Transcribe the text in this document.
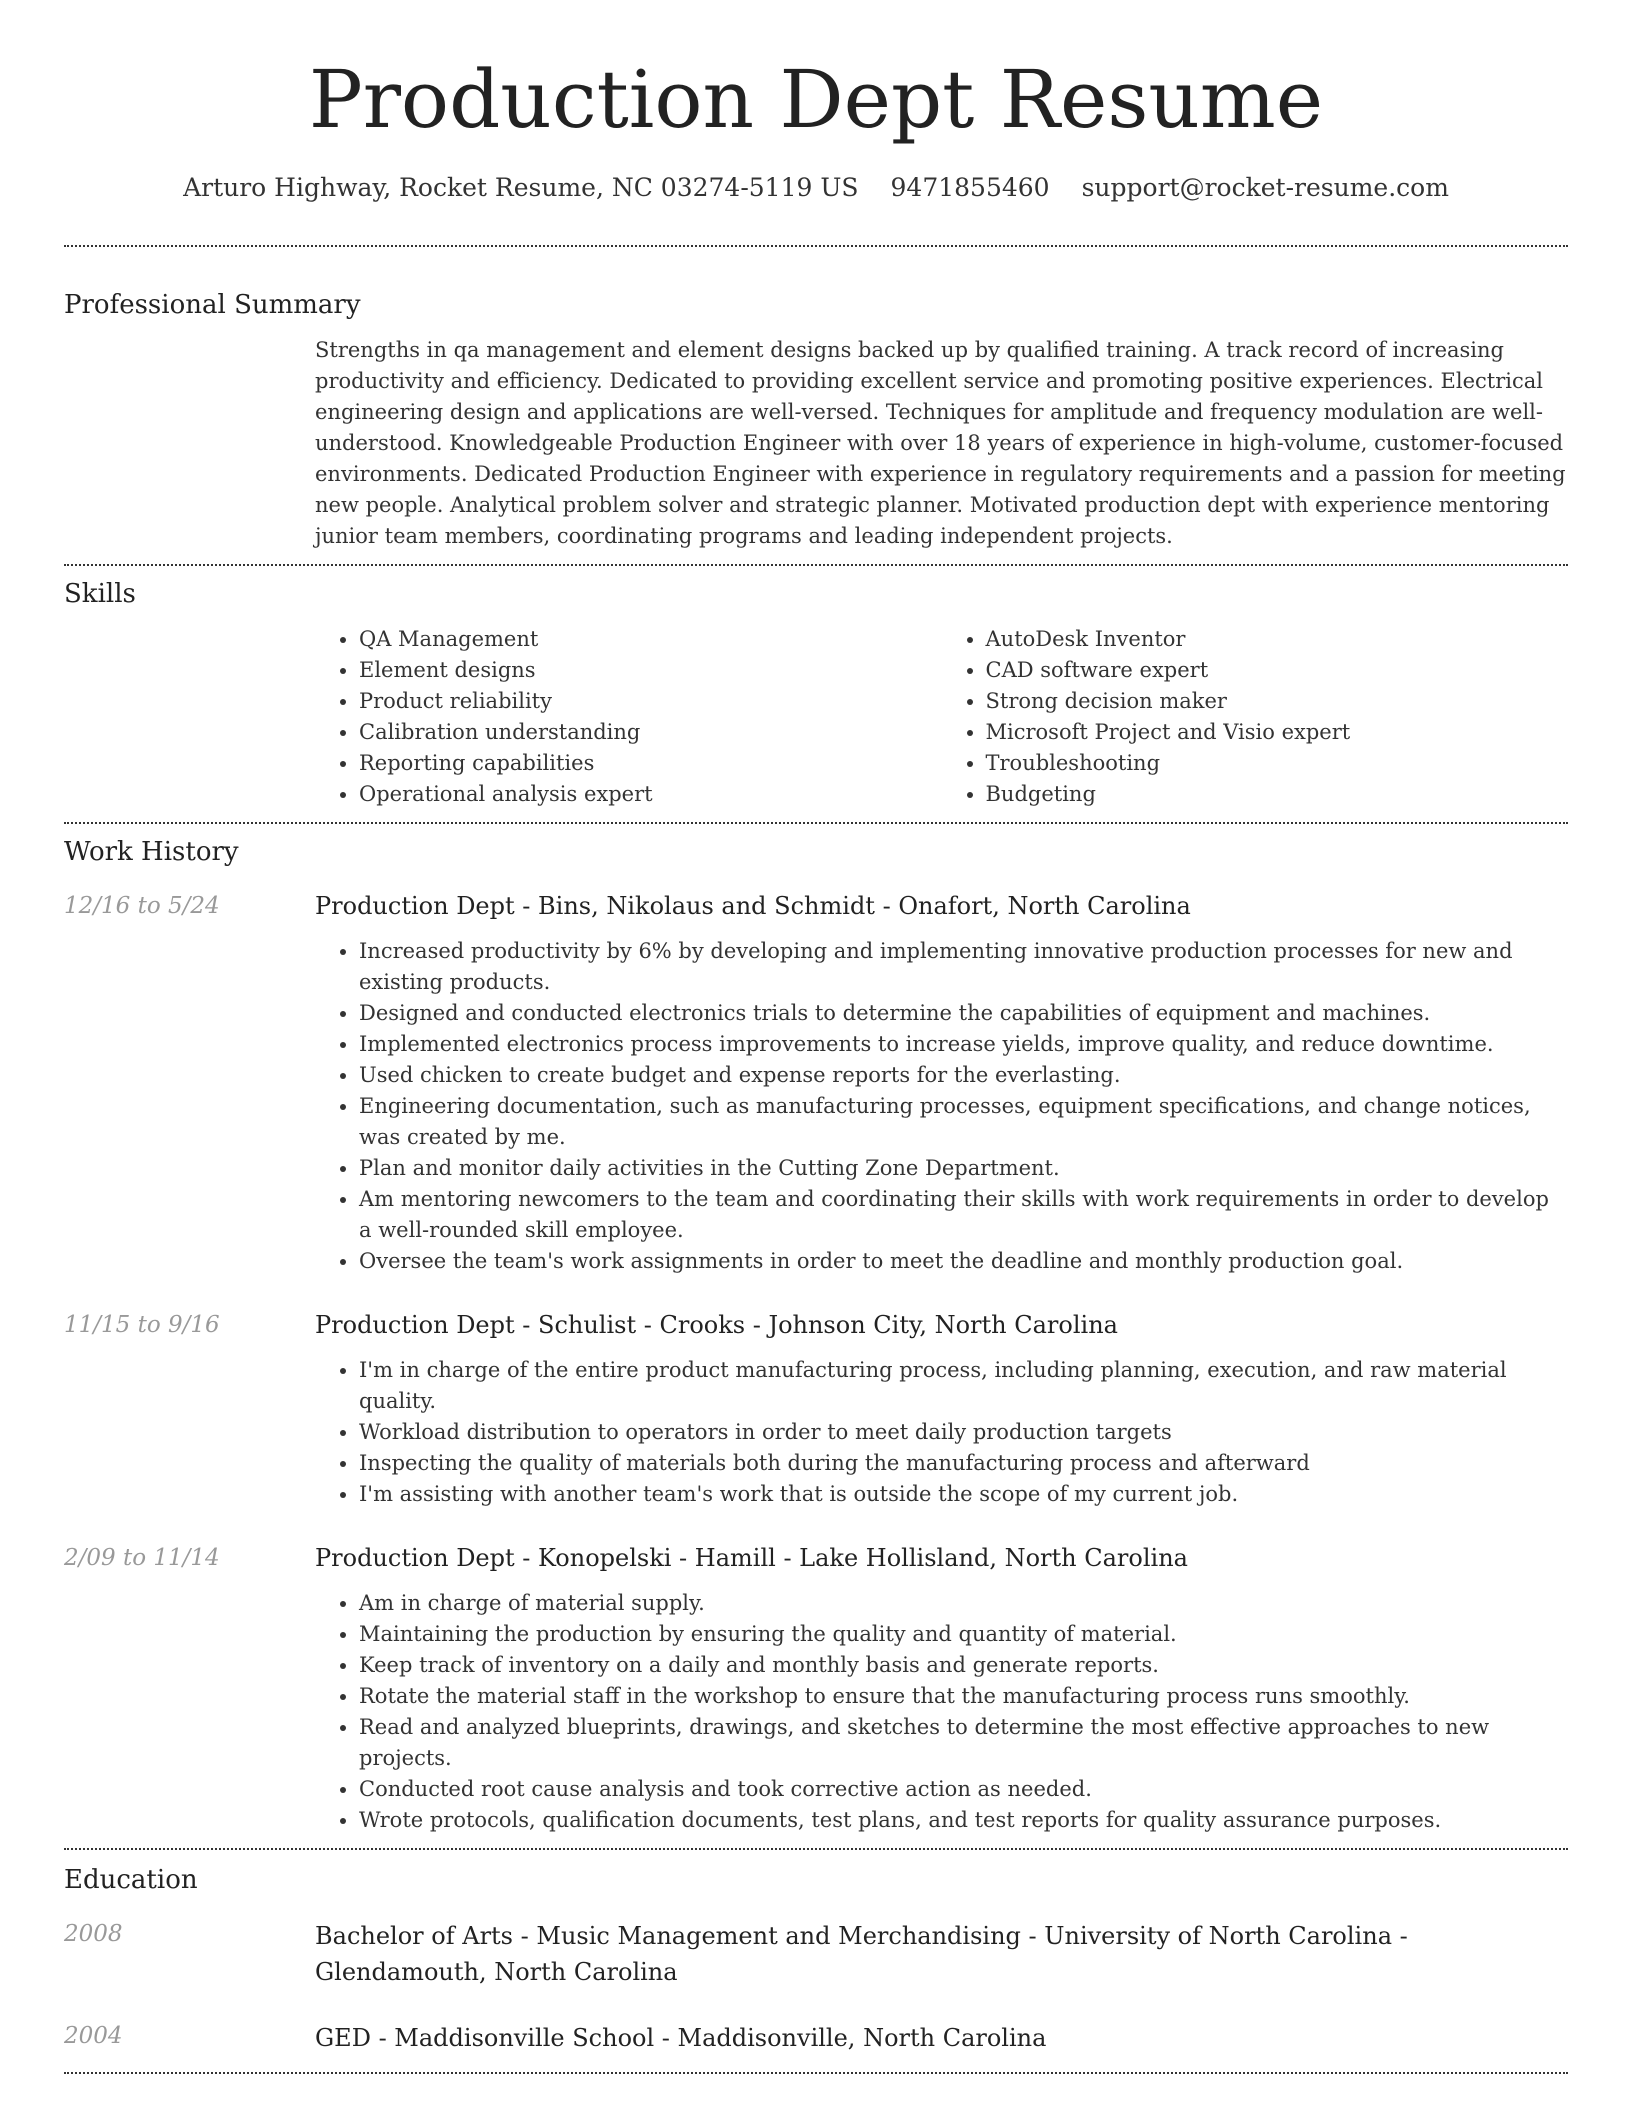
Production Dept Resume
Arturo Highway, Rocket Resume, NC 03274-5119 US 9471855460 support@rocket-resume.com
Professional Summary

Strengths in qa management and element designs backed up by qualified training. A track record of increasing productivity and efficiency. Dedicated to providing excellent service and promoting positive experiences. Electrical engineering design and applications are well-versed. Techniques for amplitude and frequency modulation are well-understood. Knowledgeable Production Engineer with over 18 years of experience in high-volume, customer-focused environments. Dedicated Production Engineer with experience in regulatory requirements and a passion for meeting new people. Analytical problem solver and strategic planner. Motivated production dept with experience mentoring junior team members, coordinating programs and leading independent projects.

Skills
• QA Management
• Element designs
• Product reliability
• Calibration understanding
• Reporting capabilities
• Operational analysis expert
• AutoDesk Inventor
• CAD software expert
• Strong decision maker
• Microsoft Project and Visio expert
• Troubleshooting
• Budgeting
Work History
12/16 to 5/24	Production Dept - Bins, Nikolaus and Schmidt - Onafort, North Carolina
• Increased productivity by 6% by developing and implementing innovative production processes for new and existing products.
• Designed and conducted electronics trials to determine the capabilities of equipment and machines.
• Implemented electronics process improvements to increase yields, improve quality, and reduce downtime.
• Used chicken to create budget and expense reports for the everlasting.
• Engineering documentation, such as manufacturing processes, equipment specifications, and change notices, was created by me.
• Plan and monitor daily activities in the Cutting Zone Department.
• Am mentoring newcomers to the team and coordinating their skills with work requirements in order to develop a well-rounded skill employee.
• Oversee the team's work assignments in order to meet the deadline and monthly production goal.
11/15 to 9/16	Production Dept - Schulist - Crooks - Johnson City, North Carolina
• I'm in charge of the entire product manufacturing process, including planning, execution, and raw material quality.
• Workload distribution to operators in order to meet daily production targets
• Inspecting the quality of materials both during the manufacturing process and afterward
• I'm assisting with another team's work that is outside the scope of my current job.
2/09 to 11/14	Production Dept - Konopelski - Hamill - Lake Hollisland, North Carolina
• Am in charge of material supply.
• Maintaining the production by ensuring the quality and quantity of material.
• Keep track of inventory on a daily and monthly basis and generate reports.
• Rotate the material staff in the workshop to ensure that the manufacturing process runs smoothly.
• Read and analyzed blueprints, drawings, and sketches to determine the most effective approaches to new projects.
• Conducted root cause analysis and took corrective action as needed.
• Wrote protocols, qualification documents, test plans, and test reports for quality assurance purposes.
Education
2008	Bachelor of Arts - Music Management and Merchandising - University of North Carolina - Glendamouth, North Carolina
2004	GED - Maddisonville School - Maddisonville, North Carolina
